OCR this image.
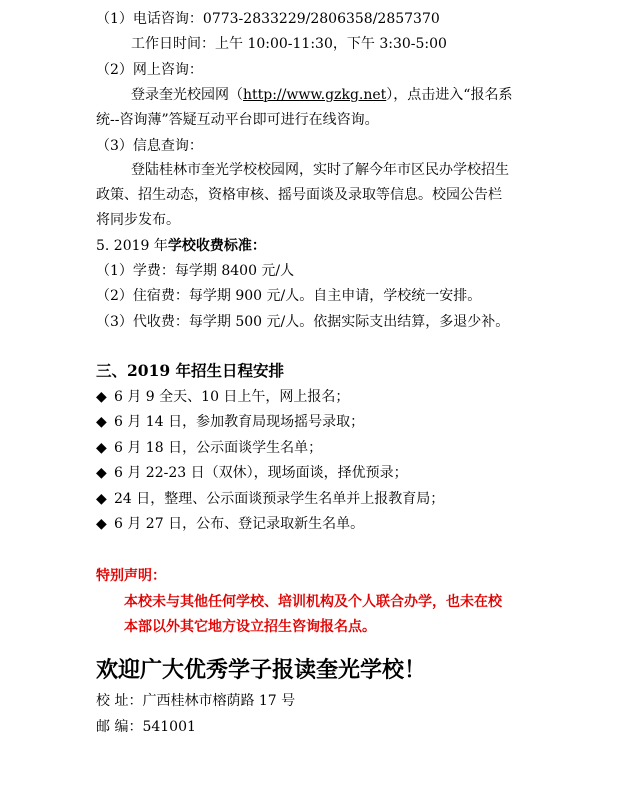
（1）电话咨询：0773-2833229/2806358/2857370
工作日时间：上午 10:00-11:30，下午 3:30-5:00
（2）网上咨询：
登录奎光校园网（http://www.gzkg.net），点击进入“报名系
统--咨询薄”答疑互动平台即可进行在线咨询。
（3）信息查询：
登陆桂林市奎光学校校园网，实时了解今年市区民办学校招生
政策、招生动态，资格审核、摇号面谈及录取等信息。校园公告栏
将同步发布。
5. 2019 年学校收费标准：
（1）学费：每学期 8400 元/人
（2）住宿费：每学期 900 元/人。自主申请，学校统一安排。
（3）代收费：每学期 500 元/人。依据实际支出结算，多退少补。
三、2019 年招生日程安排
◆ 6 月 9 全天、10 日上午，网上报名；
◆ 6 月 14 日，参加教育局现场摇号录取；
◆ 6 月 18 日，公示面谈学生名单；
◆ 6 月 22-23 日（双休），现场面谈，择优预录；
◆ 24 日，整理、公示面谈预录学生名单并上报教育局；
◆ 6 月 27 日，公布、登记录取新生名单。
特别声明：
本校未与其他任何学校、培训机构及个人联合办学，也未在校
本部以外其它地方设立招生咨询报名点。
欢迎广大优秀学子报读奎光学校！
校 址：广西桂林市榕荫路 17 号
邮 编：541001
